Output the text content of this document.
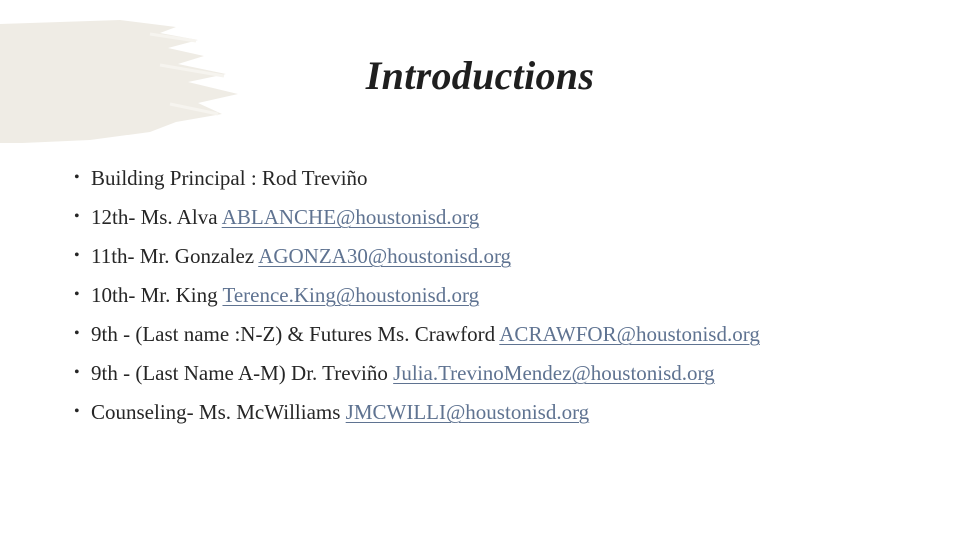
Introductions
• Building Principal : Rod Treviño
• 12th- Ms. Alva ABLANCHE@houstonisd.org
• 11th- Mr. Gonzalez AGONZA30@houstonisd.org
• 10th- Mr. King Terence.King@houstonisd.org
• 9th - (Last name :N-Z) & Futures Ms. Crawford ACRAWFOR@houstonisd.org
• 9th - (Last Name A-M) Dr. Treviño Julia.TrevinoMendez@houstonisd.org
• Counseling- Ms. McWilliams JMCWILLI@houstonisd.org
